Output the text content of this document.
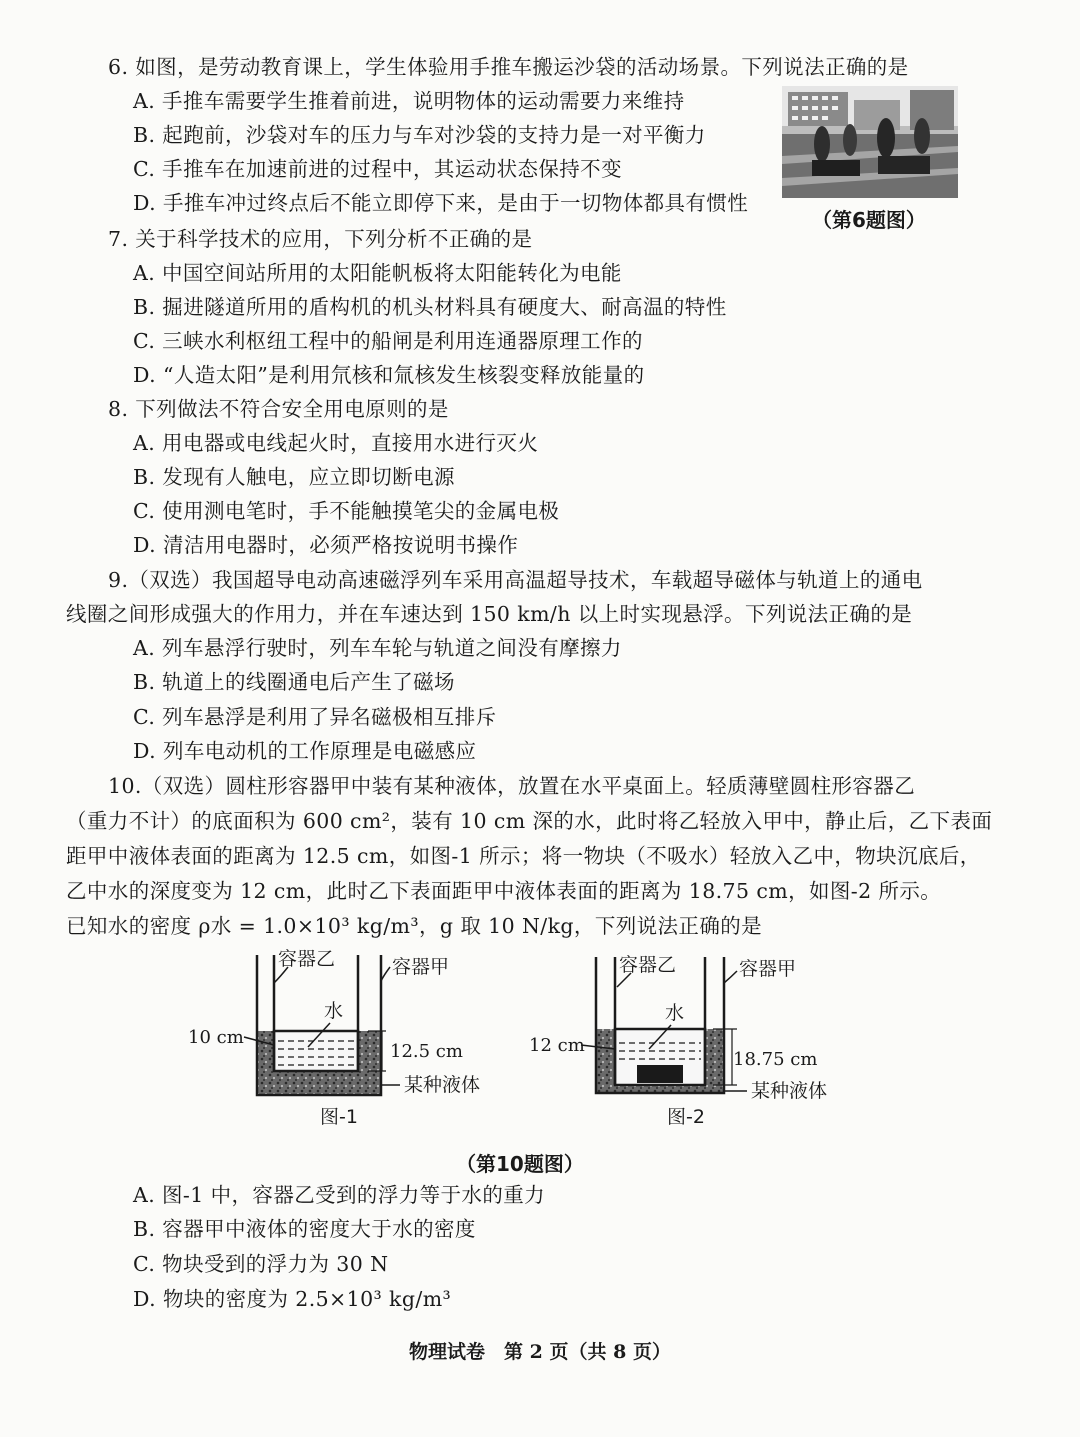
6. 如图，是劳动教育课上，学生体验用手推车搬运沙袋的活动场景。下列说法正确的是
A. 手推车需要学生推着前进，说明物体的运动需要力来维持
B. 起跑前，沙袋对车的压力与车对沙袋的支持力是一对平衡力
C. 手推车在加速前进的过程中，其运动状态保持不变
D. 手推车冲过终点后不能立即停下来，是由于一切物体都具有惯性
（第6题图）
7. 关于科学技术的应用，下列分析不正确的是
A. 中国空间站所用的太阳能帆板将太阳能转化为电能
B. 掘进隧道所用的盾构机的机头材料具有硬度大、耐高温的特性
C. 三峡水利枢纽工程中的船闸是利用连通器原理工作的
D. “人造太阳”是利用氘核和氚核发生核裂变释放能量的
8. 下列做法不符合安全用电原则的是
A. 用电器或电线起火时，直接用水进行灭火
B. 发现有人触电，应立即切断电源
C. 使用测电笔时，手不能触摸笔尖的金属电极
D. 清洁用电器时，必须严格按说明书操作
9.（双选）我国超导电动高速磁浮列车采用高温超导技术，车载超导磁体与轨道上的通电
线圈之间形成强大的作用力，并在车速达到 150 km/h 以上时实现悬浮。下列说法正确的是
A. 列车悬浮行驶时，列车车轮与轨道之间没有摩擦力
B. 轨道上的线圈通电后产生了磁场
C. 列车悬浮是利用了异名磁极相互排斥
D. 列车电动机的工作原理是电磁感应
10.（双选）圆柱形容器甲中装有某种液体，放置在水平桌面上。轻质薄壁圆柱形容器乙
（重力不计）的底面积为 600 cm²，装有 10 cm 深的水，此时将乙轻放入甲中，静止后，乙下表面
距甲中液体表面的距离为 12.5 cm，如图-1 所示；将一物块（不吸水）轻放入乙中，物块沉底后，
乙中水的深度变为 12 cm，此时乙下表面距甲中液体表面的距离为 18.75 cm，如图-2 所示。
已知水的密度 ρ水 = 1.0×10³ kg/m³，g 取 10 N/kg，下列说法正确的是
容器乙	容器甲
水
10 cm
12.5 cm
某种液体
图-1
容器乙	容器甲
水
12 cm
18.75 cm
某种液体
图-2
（第10题图）
A. 图-1 中，容器乙受到的浮力等于水的重力
B. 容器甲中液体的密度大于水的密度
C. 物块受到的浮力为 30 N
D. 物块的密度为 2.5×10³ kg/m³
物理试卷　第 2 页（共 8 页）
